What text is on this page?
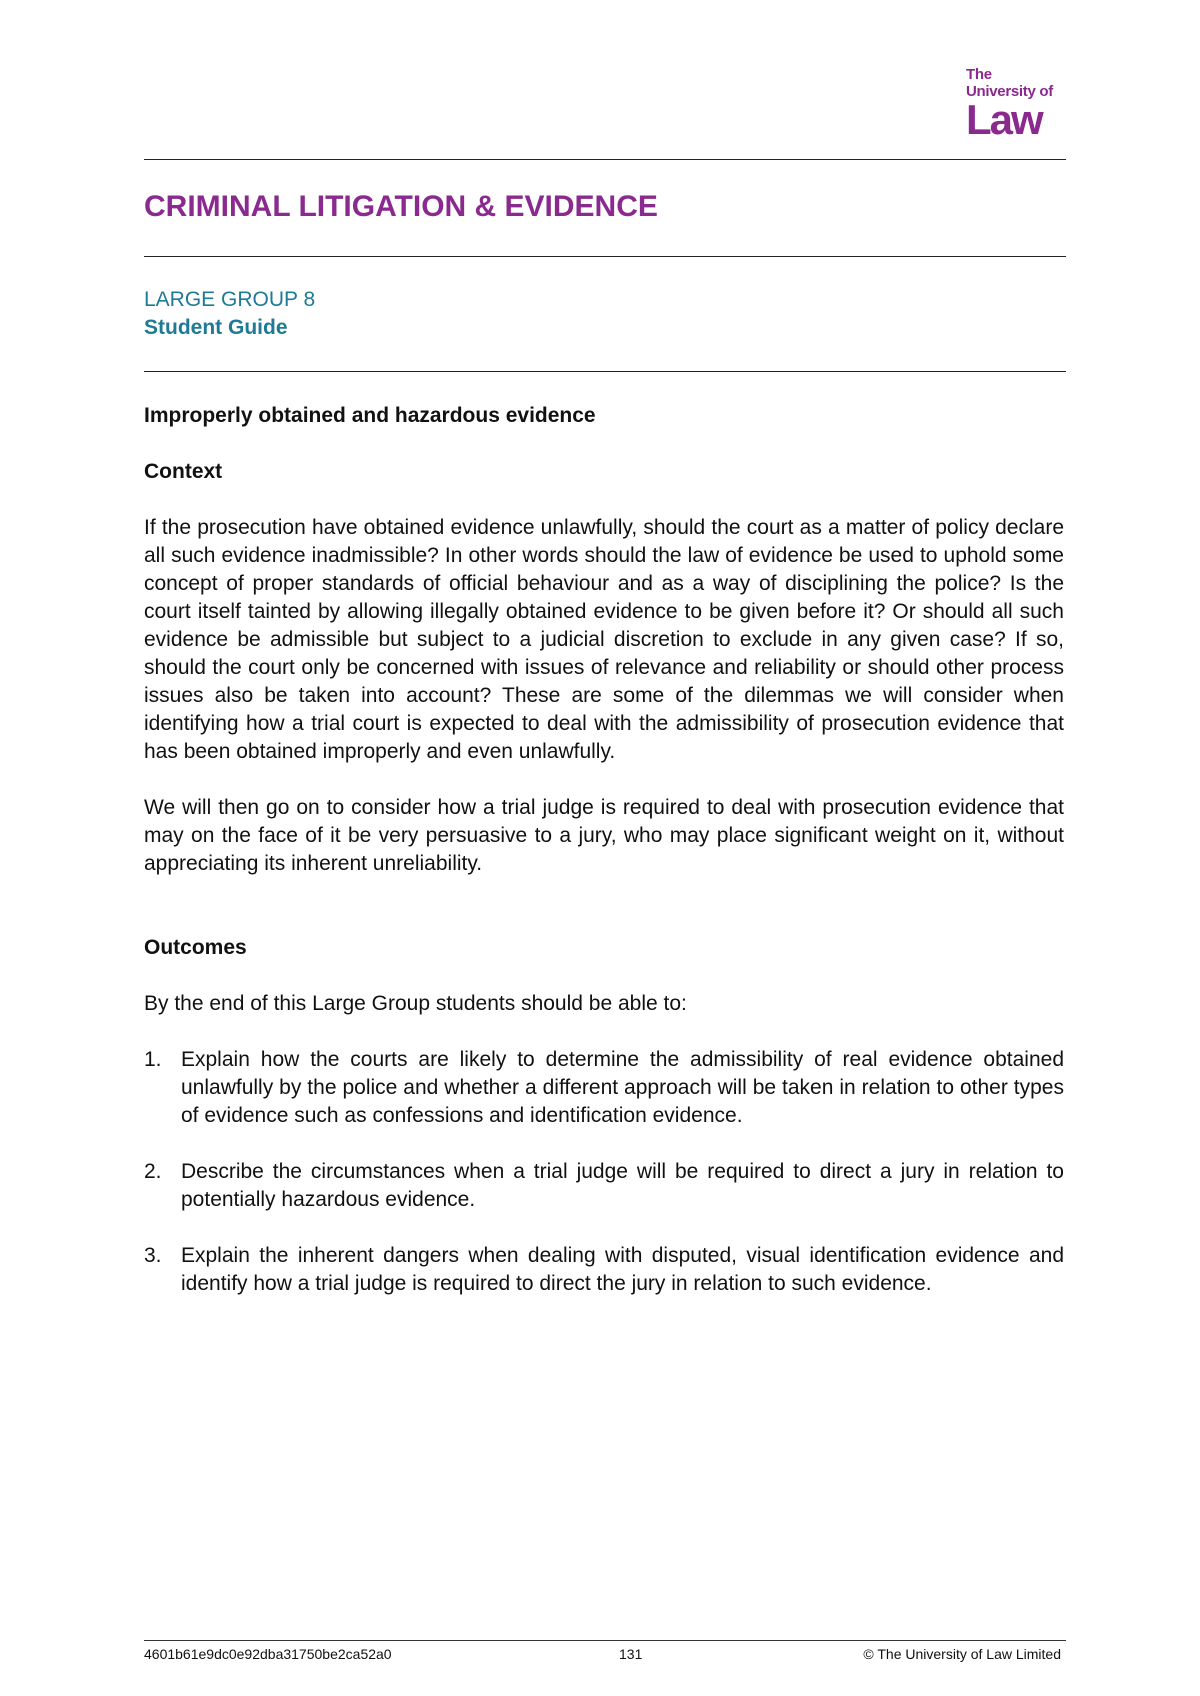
The
University of
Law
CRIMINAL LITIGATION & EVIDENCE
LARGE GROUP 8
Student Guide
Improperly obtained and hazardous evidence
Context

If the prosecution have obtained evidence unlawfully, should the court as a matter of policy declare all such evidence inadmissible? In other words should the law of evidence be used to uphold some concept of proper standards of official behaviour and as a way of disciplining the police? Is the court itself tainted by allowing illegally obtained evidence to be given before it? Or should all such evidence be admissible but subject to a judicial discretion to exclude in any given case? If so, should the court only be concerned with issues of relevance and reliability or should other process issues also be taken into account? These are some of the dilemmas we will consider when identifying how a trial court is expected to deal with the admissibility of prosecution evidence that has been obtained improperly and even unlawfully.

We will then go on to consider how a trial judge is required to deal with prosecution evidence that may on the face of it be very persuasive to a jury, who may place significant weight on it, without appreciating its inherent unreliability.

Outcomes

By the end of this Large Group students should be able to:

1. Explain how the courts are likely to determine the admissibility of real evidence obtained unlawfully by the police and whether a different approach will be taken in relation to other types of evidence such as confessions and identification evidence.
2. Describe the circumstances when a trial judge will be required to direct a jury in relation to potentially hazardous evidence.
3. Explain the inherent dangers when dealing with disputed, visual identification evidence and identify how a trial judge is required to direct the jury in relation to such evidence.
4601b61e9dc0e92dba31750be2ca52a0	131	© The University of Law Limited
